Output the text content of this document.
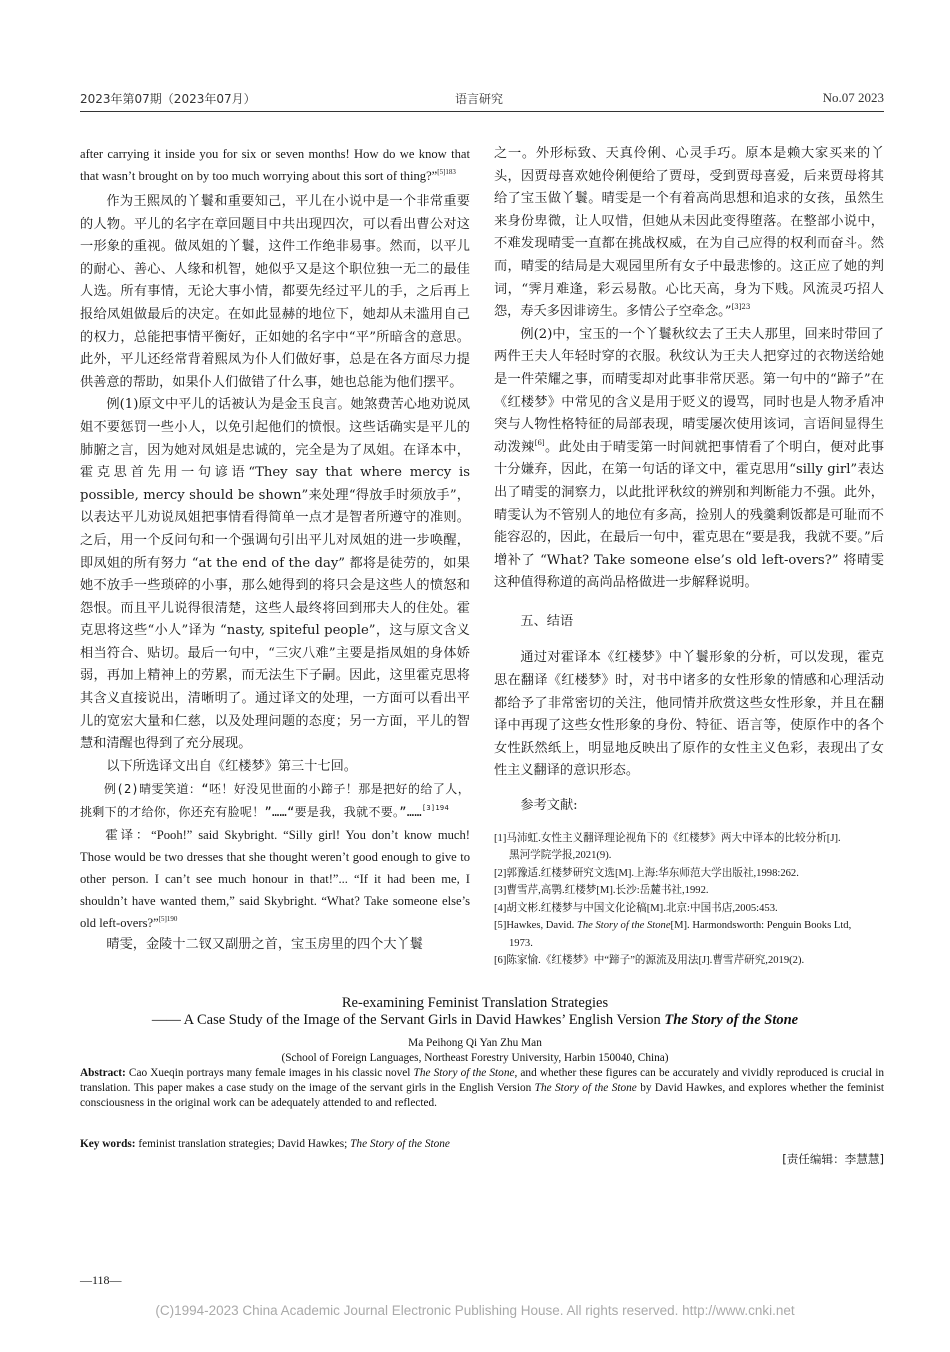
2023年第07期（2023年07月）	语言研究	No.07 2023

after carrying it inside you for six or seven months! How do we know that that wasn’t brought on by too much worrying about this sort of thing?”$^{[5]183}$

作为王熙凤的丫鬟和重要知己，平儿在小说中是一个非常重要的人物。平儿的名字在章回题目中共出现四次，可以看出曹公对这一形象的重视。做凤姐的丫鬟，这件工作绝非易事。然而，以平儿的耐心、善心、人缘和机智，她似乎又是这个职位独一无二的最佳人选。所有事情，无论大事小情，都要先经过平儿的手，之后再上报给凤姐做最后的决定。在如此显赫的地位下，她却从未滥用自己的权力，总能把事情平衡好，正如她的名字中“平”所暗含的意思。此外，平儿还经常背着熙凤为仆人们做好事，总是在各方面尽力提供善意的帮助，如果仆人们做错了什么事，她也总能为他们摆平。

例(1)原文中平儿的话被认为是金玉良言。她煞费苦心地劝说凤姐不要惩罚一些小人，以免引起他们的愤恨。这些话确实是平儿的肺腑之言，因为她对凤姐是忠诚的，完全是为了凤姐。在译本中，霍克思首先用一句谚语“They say that where mercy is possible, mercy should be shown”来处理“得放手时须放手”，以表达平儿劝说凤姐把事情看得简单一点才是智者所遵守的准则。之后，用一个反问句和一个强调句引出平儿对凤姐的进一步唤醒，即凤姐的所有努力 “at the end of the day” 都将是徒劳的，如果她不放手一些琐碎的小事，那么她得到的将只会是这些人的愤怒和怨恨。而且平儿说得很清楚，这些人最终将回到邢夫人的住处。霍克思将这些“小人”译为 “nasty, spiteful people”，这与原文含义相当符合、贴切。最后一句中，“三灾八难”主要是指凤姐的身体娇弱，再加上精神上的劳累，而无法生下子嗣。因此，这里霍克思将其含义直接说出，清晰明了。通过译文的处理，一方面可以看出平儿的宽宏大量和仁慈，以及处理问题的态度；另一方面，平儿的智慧和清醒也得到了充分展现。

以下所选译文出自《红楼梦》第三十七回。

例(2)晴雯笑道：“呸！好没见世面的小蹄子！那是把好的给了人，挑剩下的才给你，你还充有脸呢！”……“要是我，我就不要。”……$^{[3]194}$

霍译：“Pooh!” said Skybright. “Silly girl! You don’t know much! Those would be two dresses that she thought weren’t good enough to give to other person. I can’t see much honour in that!”... “If it had been me, I shouldn’t have wanted them,” said Skybright. “What? Take someone else’s old left-overs?”$^{[5]190}$

晴雯，金陵十二钗又副册之首，宝玉房里的四个大丫鬟

之一。外形标致、天真伶俐、心灵手巧。原本是赖大家买来的丫头，因贾母喜欢她伶俐便给了贾母，受到贾母喜爱，后来贾母将其给了宝玉做丫鬟。晴雯是一个有着高尚思想和追求的女孩，虽然生来身份卑微，让人叹惜，但她从未因此变得堕落。在整部小说中，不难发现晴雯一直都在挑战权威，在为自己应得的权利而奋斗。然而，晴雯的结局是大观园里所有女子中最悲惨的。这正应了她的判词，“霁月难逢，彩云易散。心比天高，身为下贱。风流灵巧招人怨，寿夭多因诽谤生。多情公子空牵念。”$^{[3]23}$

例(2)中，宝玉的一个丫鬟秋纹去了王夫人那里，回来时带回了两件王夫人年轻时穿的衣服。秋纹认为王夫人把穿过的衣物送给她是一件荣耀之事，而晴雯却对此事非常厌恶。第一句中的“蹄子”在《红楼梦》中常见的含义是用于贬义的谩骂，同时也是人物矛盾冲突与人物性格特征的局部表现，晴雯屡次使用该词，言语间显得生动泼辣[6]。此处由于晴雯第一时间就把事情看了个明白，便对此事十分嫌弃，因此，在第一句话的译文中，霍克思用“silly girl”表达出了晴雯的洞察力，以此批评秋纹的辨别和判断能力不强。此外，晴雯认为不管别人的地位有多高，捡别人的残羹剩饭都是可耻而不能容忍的，因此，在最后一句中，霍克思在“要是我，我就不要。”后增补了 “What? Take someone else’s old left-overs?” 将晴雯这种值得称道的高尚品格做进一步解释说明。

五、结语

通过对霍译本《红楼梦》中丫鬟形象的分析，可以发现，霍克思在翻译《红楼梦》时，对书中诸多的女性形象的情感和心理活动都给予了非常密切的关注，他同情并欣赏这些女性形象，并且在翻译中再现了这些女性形象的身份、特征、语言等，使原作中的各个女性跃然纸上，明显地反映出了原作的女性主义色彩，表现出了女性主义翻译的意识形态。

参考文献:

[1]马沛虹.女性主义翻译理论视角下的《红楼梦》两大中译本的比较分析[J].
黑河学院学报,2021(9).
[2]郭豫适.红楼梦研究文选[M].上海:华东师范大学出版社,1998:262.
[3]曹雪芹,高鹗.红楼梦[M].长沙:岳麓书社,1992.
[4]胡文彬.红楼梦与中国文化论稿[M].北京:中国书店,2005:453.
[5]Hawkes, David. The Story of the Stone[M]. Harmondsworth: Penguin Books Ltd,
1973.
[6]陈家愉.《红楼梦》中“蹄子”的源流及用法[J].曹雪芹研究,2019(2).
Re-examining Feminist Translation Strategies
—— A Case Study of the Image of the Servant Girls in David Hawkes’ English Version The Story of the Stone
Ma Peihong Qi Yan Zhu Man
(School of Foreign Languages, Northeast Forestry University, Harbin 150040, China)
Abstract: Cao Xueqin portrays many female images in his classic novel The Story of the Stone, and whether these figures can be accurately and vividly reproduced is crucial in translation. This paper makes a case study on the image of the servant girls in the English Version The Story of the Stone by David Hawkes, and explores whether the feminist consciousness in the original work can be adequately attended to and reflected.
Key words: feminist translation strategies; David Hawkes; The Story of the Stone
[责任编辑：李慧慧]
—118—
(C)1994-2023 China Academic Journal Electronic Publishing House. All rights reserved. http://www.cnki.net
